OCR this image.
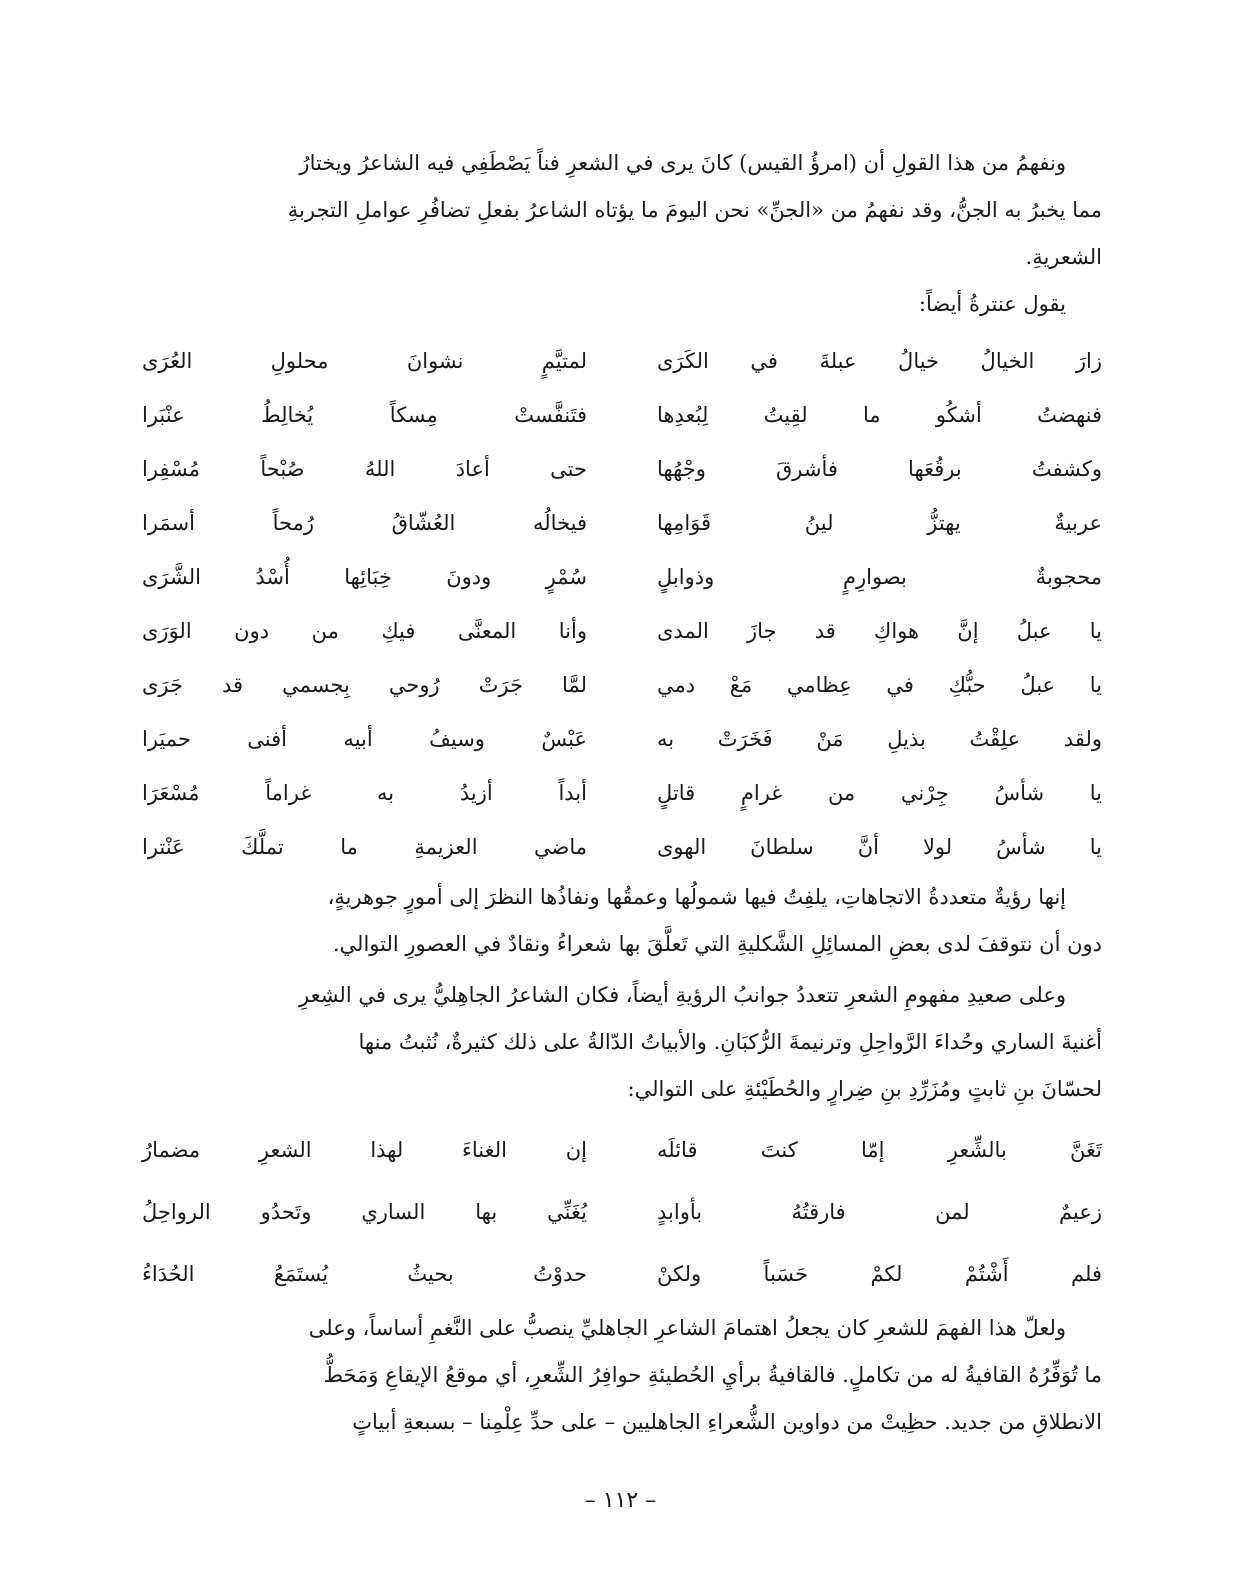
ونفهمُ من هذا القولِ أن (امرؤُ القيس) كانَ يرى في الشعرِ فناً يَصْطَفِي فيه الشاعرُ ويختارُ
مما يخبرُ به الجنُّ، وقد نفهمُ من «الجنِّ» نحن اليومَ ما يؤتاه الشاعرُ بفعلِ تضافُرِ عواملِ التجربةِ
الشعريةِ.

يقول عنترةُ أيضاً:

زارَ الخيالُ خيالُ عبلةَ في الكَرَى
لمتيَّمٍ نشوانَ محلولِ العُرَى
فنهضتُ أشكُو ما لقِيتُ لِبُعدِها
فتَنفَّستْ مِسكاً يُخالِطُ عنْبَرا
وكشفتُ برقُعَها فأشرقَ وجْهُها
حتى أعادَ اللهُ صُبْحاً مُسْفِرا
عربيةٌ يهتزُّ لينُ قَوَامِها
فيخالُه العُشّاقُ رُمحاً أسمَرا
محجوبةٌ بصوارِمٍ وذوابلٍ
سُمْرٍ ودونَ خِبَائِها أُسْدُ الشَّرَى
يا عبلُ إنَّ هواكِ قد جازَ المدى
وأنا المعنَّى فيكِ من دون الوَرَى
يا عبلُ حبُّكِ في عِظامي مَعْ دمي
لمَّا جَرَتْ رُوحي بِجسمي قد جَرَى
ولقد علِقْتُ بذيلِ مَنْ فَخَرَتْ به
عَبْسٌ وسيفُ أبيه أفنى حميَرا
يا شأسُ جِرْني من غرامٍ قاتلٍ
أبداً أزيدُ به غراماً مُسْعَرَا
يا شأسُ لولا أنَّ سلطانَ الهوى
ماضي العزيمةِ ما تملَّكَ عَنْترا

إنها رؤيةٌ متعددةُ الاتجاهاتِ، يلفِتُ فيها شمولُها وعمقُها ونفاذُها النظرَ إلى أمورٍ جوهريةٍ،
دون أن نتوقفَ لدى بعضِ المسائِلِ الشَّكليةِ التي تَعلَّقَ بها شعراءُ ونقادٌ في العصورِ التوالي.

وعلى صعيدِ مفهومِ الشعرِ تتعددُ جوانبُ الرؤيةِ أيضاً، فكان الشاعرُ الجاهِليُّ يرى في الشِعرِ
أغنيةَ الساري وحُداءَ الرَّواحِلِ وترنيمةَ الرُّكبَانِ. والأبياتُ الدّالةُ على ذلك كثيرةٌ، نُثبتُ منها
لحسّانَ بنِ ثابتٍ ومُزَرِّدِ بنِ ضِرارٍ والحُطَيْئةِ على التوالي:

تَغَنَّ بالشِّعرِ إمّا كنتَ قائلَه
إن الغناءَ لهذا الشعرِ مضمارُ
زعيمٌ لمن فارقتُهُ بأوابدٍ
يُغَنِّي بها الساري وتَحدُو الرواحِلُ
فلم أَشْتُمْ لكمْ حَسَباً ولكنْ
حدوْتُ بحيثُ يُستَمَعُ الحُدَاءُ

ولعلّ هذا الفهمَ للشعرِ كان يجعلُ اهتمامَ الشاعرِ الجاهليِّ ينصبُّ على النَّغمِ أساساً، وعلى
ما تُوَفِّرُهُ القافيةُ له من تكاملٍ. فالقافيةُ برأيِ الحُطيئةِ حوافِرُ الشِّعرِ، أي موقعُ الإيقاعِ وَمَحَطُّ
الانطلاقِ من جديد. حظِيتْ من دواوين الشُّعراءِ الجاهليين – على حدِّ عِلْمِنا – بسبعةِ أبياتٍ

– ١١٢ –
